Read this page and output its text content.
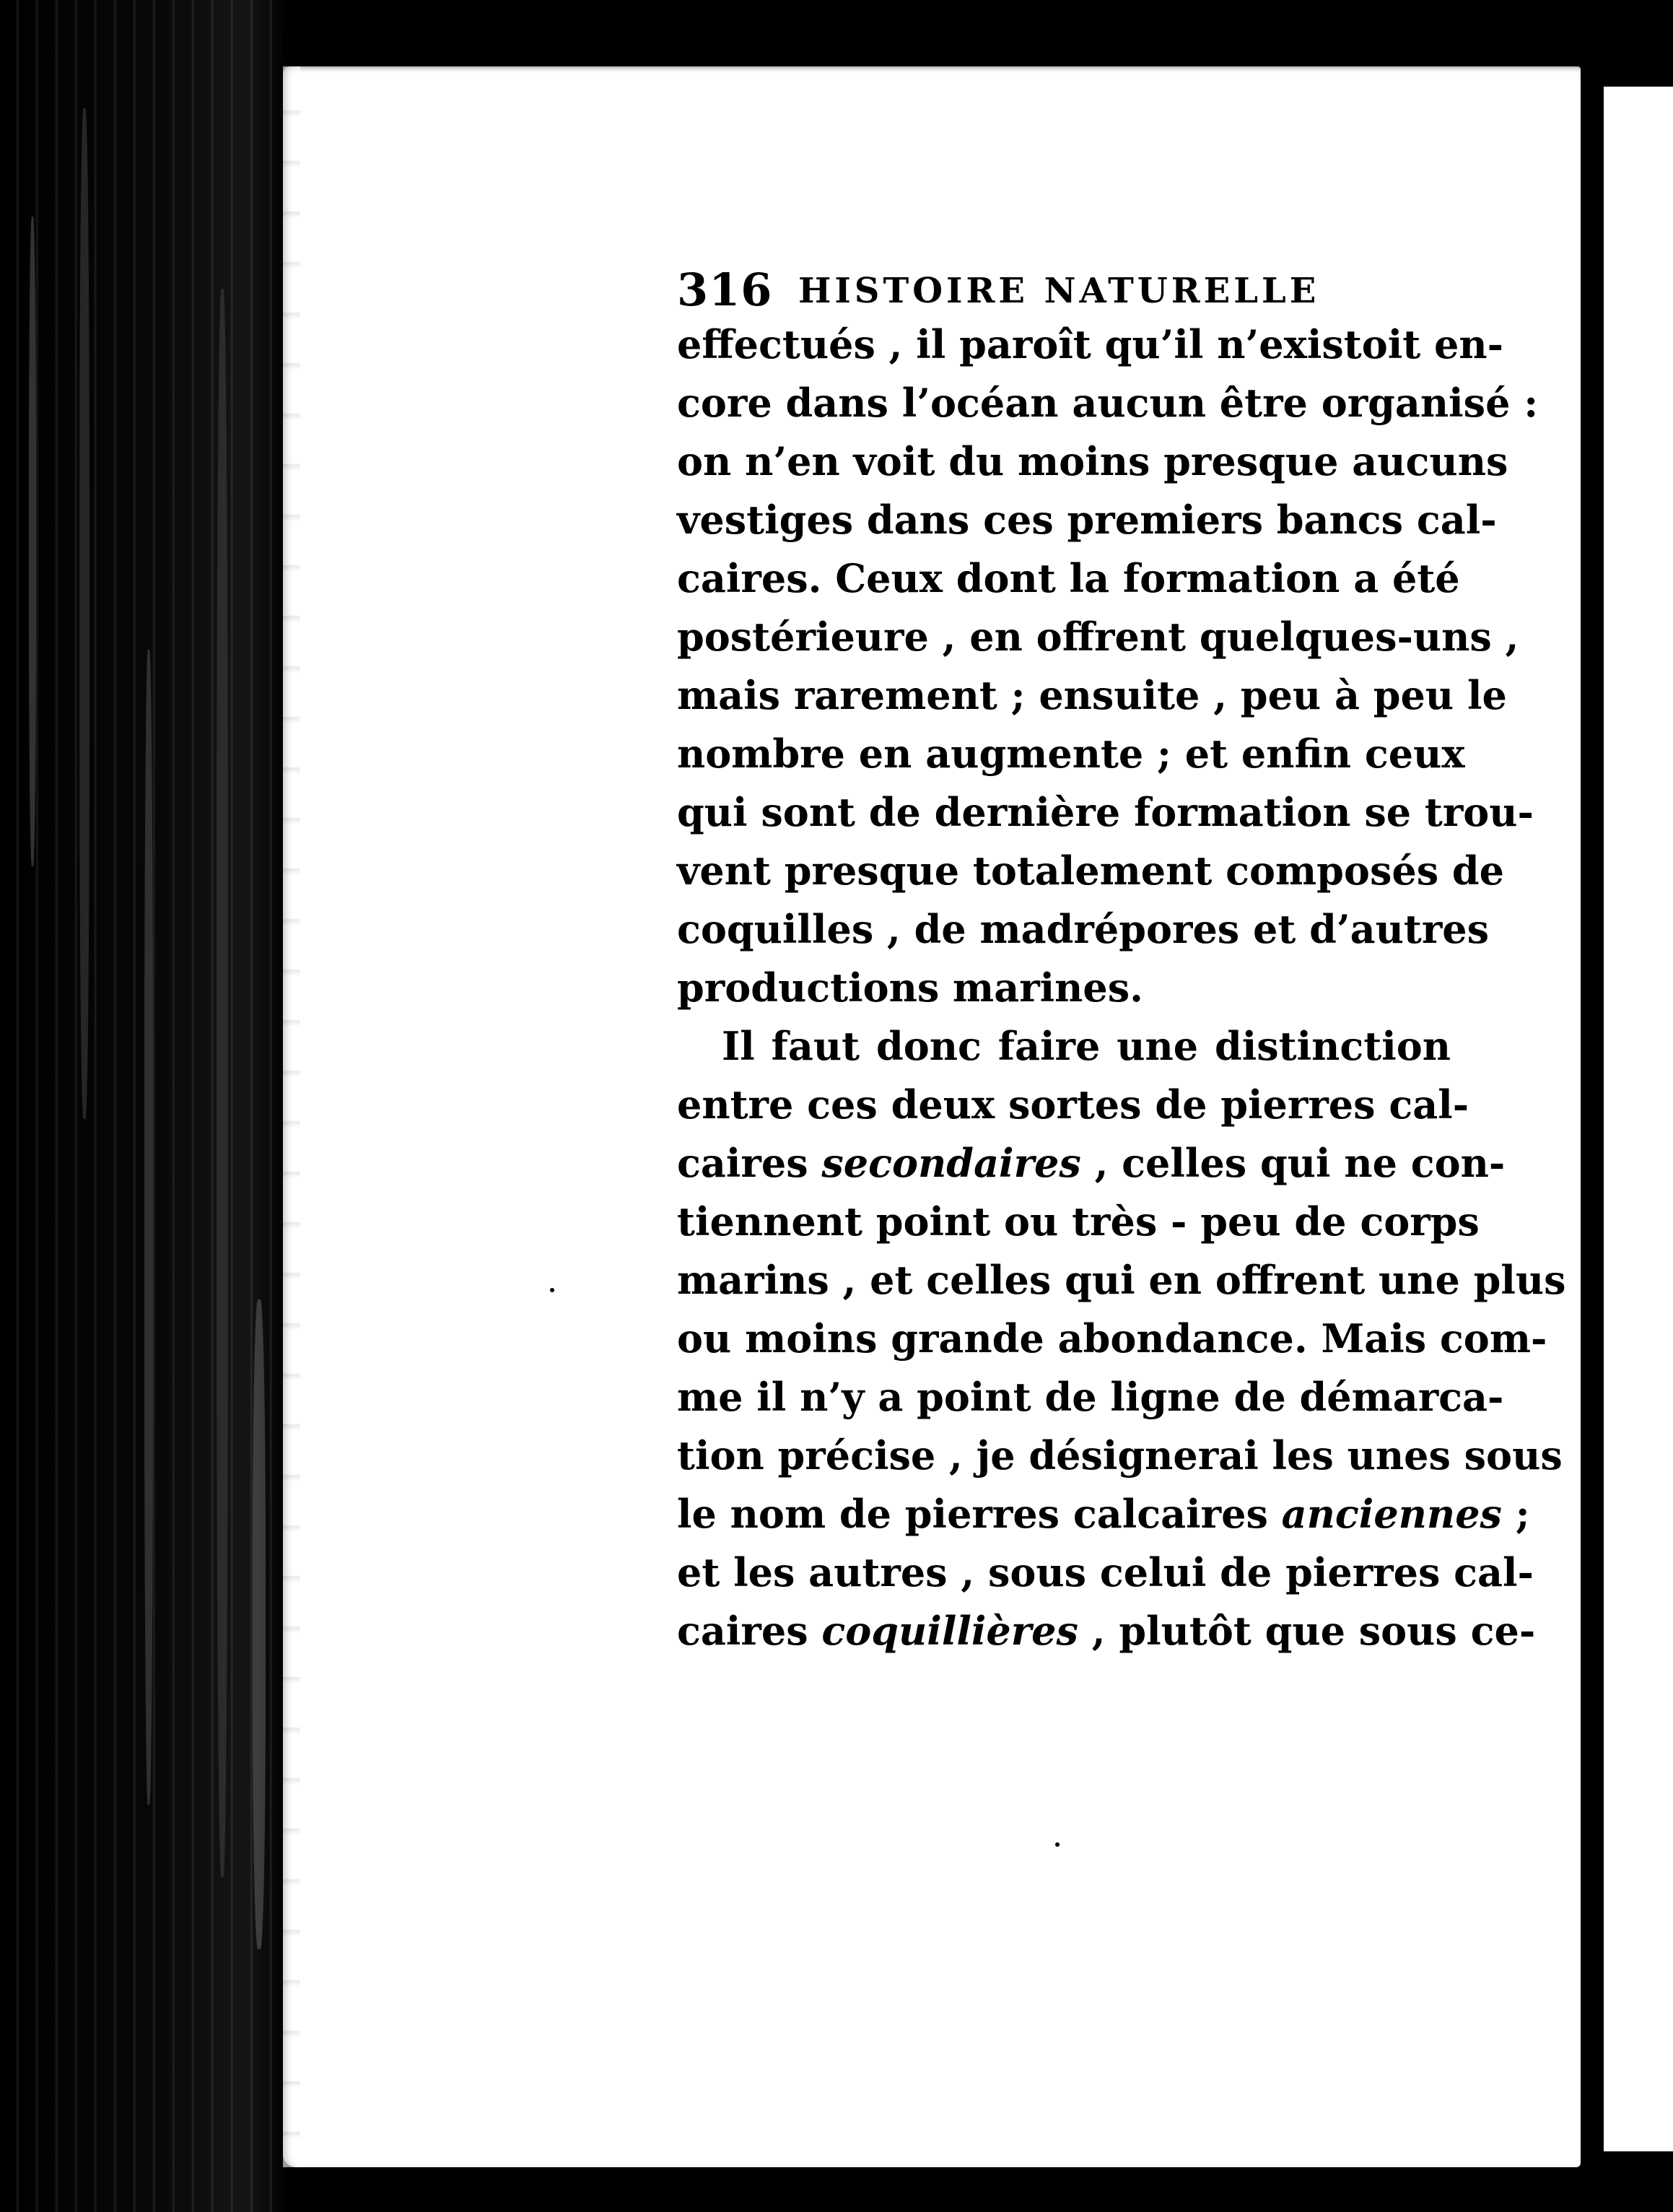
316 HISTOIRE NATURELLE
effectués , il paroît qu’il n’existoit en-
core dans l’océan aucun être organisé :
on n’en voit du moins presque aucuns
vestiges dans ces premiers bancs cal-
caires. Ceux dont la formation a été
postérieure , en offrent quelques-uns ,
mais rarement ; ensuite , peu à peu le
nombre en augmente ; et enfin ceux
qui sont de dernière formation se trou-
vent presque totalement composés de
coquilles , de madrépores et d’autres
productions marines.
Il faut donc faire une distinction
entre ces deux sortes de pierres cal-
caires secondaires , celles qui ne con-
tiennent point ou très - peu de corps
marins , et celles qui en offrent une plus
ou moins grande abondance. Mais com-
me il n’y a point de ligne de démarca-
tion précise , je désignerai les unes sous
le nom de pierres calcaires anciennes ;
et les autres , sous celui de pierres cal-
caires coquillières , plutôt que sous ce-
